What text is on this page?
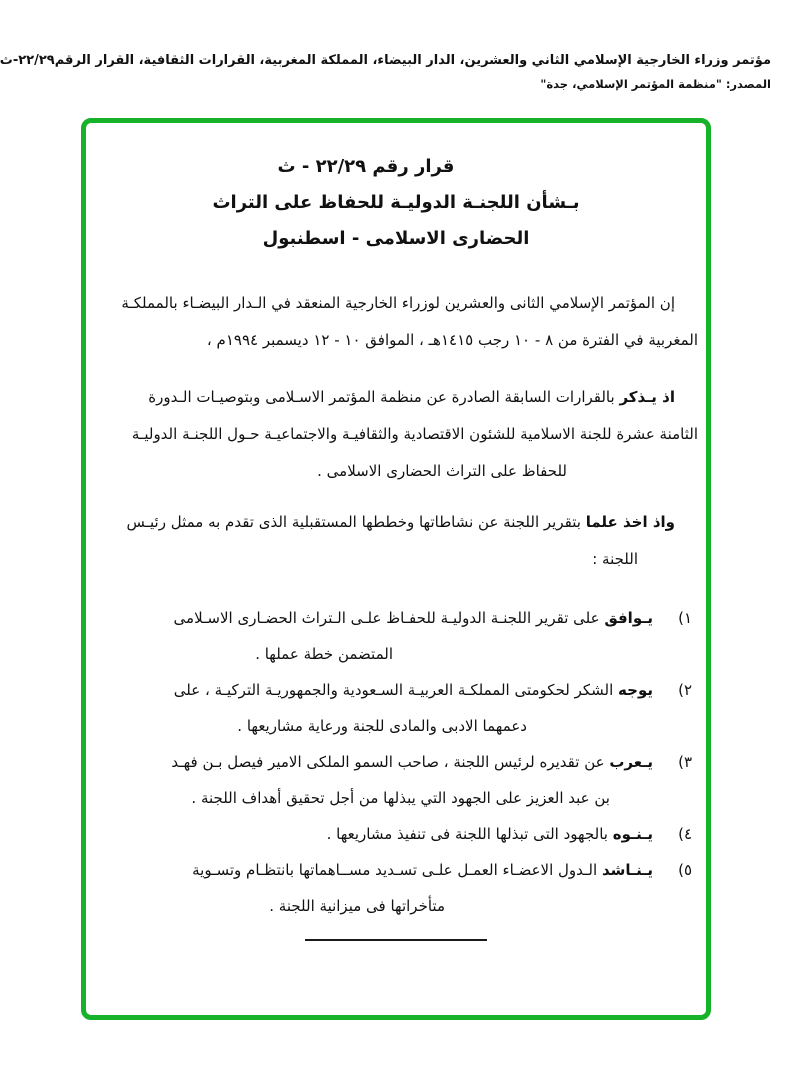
مؤتمر وزراء الخارجية الإسلامي الثاني والعشرين، الدار البيضاء، المملكة المغربية، القرارات الثقافية، القرار الرقم٢٢/٢٩-ث
المصدر: "منظمة المؤتمر الإسلامي، جدة"
قرار رقم ٢٢/٢٩ - ث
بـشأن اللجنـة الدوليـة للحفاظ على التراث
الحضارى الاسلامى - اسطنبول
إن المؤتمر الإسلامي الثانى والعشرين لوزراء الخارجية المنعقد في الـدار البيضـاء بالمملكـة
المغربية في الفترة من ٨ - ١٠ رجب ١٤١٥هـ ، الموافق ١٠ - ١٢ ديسمبر ١٩٩٤م ،
اذ يـذكر بالقرارات السابقة الصادرة عن منظمة المؤتمر الاسـلامى وبتوصيـات الـدورة
الثامنة عشرة للجنة الاسلامية للشئون الاقتصادية والثقافيـة والاجتماعيـة حـول اللجنـة الدوليـة
للحفاظ على التراث الحضارى الاسلامى .
واذ اخذ علما بتقرير اللجنة عن نشاطاتها وخططها المستقبلية الذى تقدم به ممثل رئيـس
اللجنة :
(١
يـوافق على تقرير اللجنـة الدوليـة للحفـاظ علـى الـتراث الحضـارى الاسـلامى
المتضمن خطة عملها .
(٢
يوجه الشكر لحكومتى المملكـة العربيـة السـعودية والجمهوريـة التركيـة ، على
دعمهما الادبى والمادى للجنة ورعاية مشاريعها .
(٣
يـعرب عن تقديره لرئيس اللجنة ، صاحب السمو الملكى الامير فيصل بـن فهـد
بن عبد العزيز على الجهود التي يبذلها من أجل تحقيق أهداف اللجنة .
(٤
يـنـوه بالجهود التى تبذلها اللجنة فى تنفيذ مشاريعها .
(٥
يـنـاشد الـدول الاعضـاء العمـل علـى تسـديد مســاهماتها بانتظـام وتسـوية
متأخراتها فى ميزانية اللجنة .
